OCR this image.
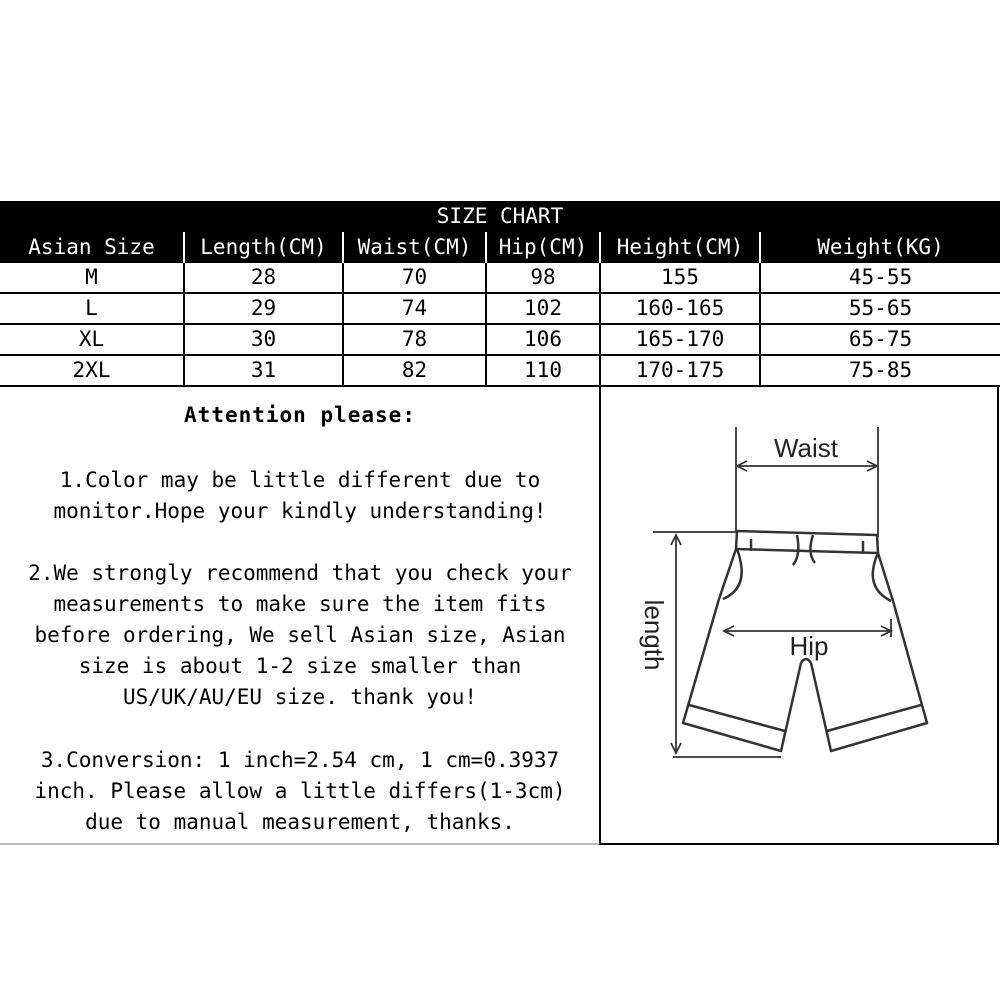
SIZE CHART
Asian Size	Length(CM)	Waist(CM)	Hip(CM)	Height(CM)	Weight(KG)
M	28	70	98	155	45-55
L	29	74	102	160-165	55-65
XL	30	78	106	165-170	65-75
2XL	31	82	110	170-175	75-85
Attention please:
1.Color may be little different due to
monitor.Hope your kindly understanding!
2.We strongly recommend that you check your
measurements to make sure the item fits
before ordering, We sell Asian size, Asian
size is about 1-2 size smaller than
US/UK/AU/EU size. thank you!
3.Conversion: 1 inch=2.54 cm, 1 cm=0.3937
inch. Please allow a little differs(1-3cm)
due to manual measurement, thanks.
Waist
Hip
length
